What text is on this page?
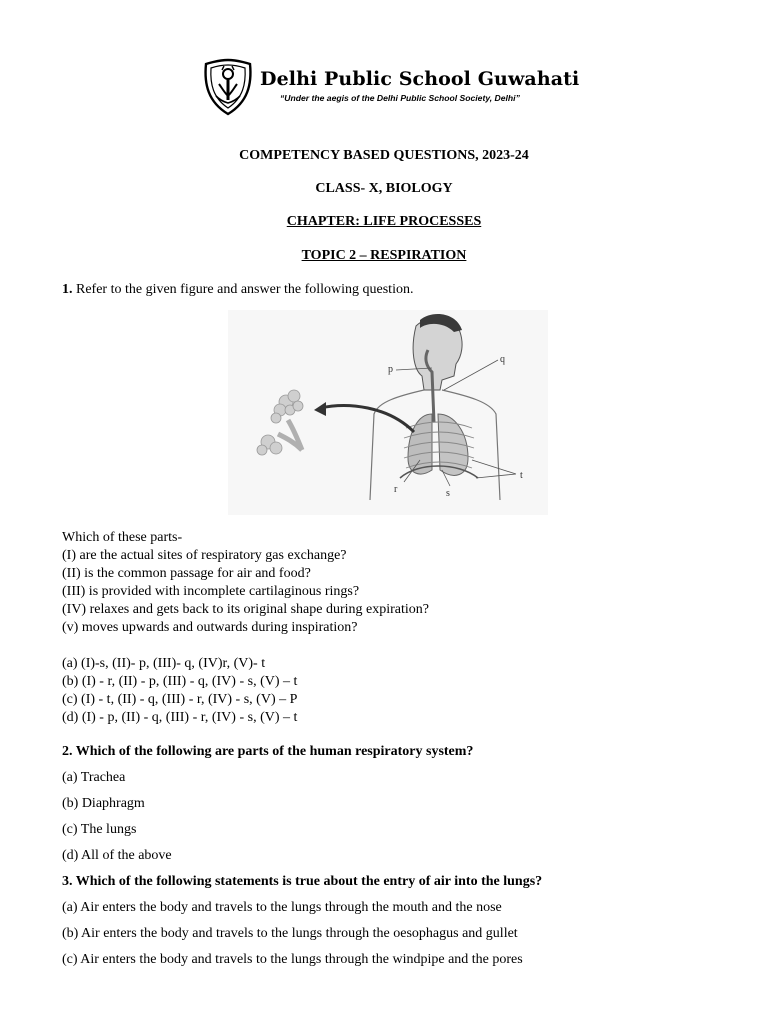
Delhi Public School Guwahati
“Under the aegis of the Delhi Public School Society, Delhi”
COMPETENCY BASED QUESTIONS, 2023-24
CLASS- X, BIOLOGY
CHAPTER: LIFE PROCESSES
TOPIC 2 – RESPIRATION
1. Refer to the given figure and answer the following question.
p
q
r	s
t
Which of these parts-
(I) are the actual sites of respiratory gas exchange?
(II) is the common passage for air and food?
(III) is provided with incomplete cartilaginous rings?
(IV) relaxes and gets back to its original shape during expiration?
(v) moves upwards and outwards during inspiration?
(a) (I)-s, (II)- p, (III)- q, (IV)r, (V)- t
(b) (I) - r, (II) - p, (III) - q, (IV) - s, (V) – t
(c) (I) - t, (II) - q, (III) - r, (IV) - s, (V) – P
(d) (I) - p, (II) - q, (III) - r, (IV) - s, (V) – t
2. Which of the following are parts of the human respiratory system?
(a) Trachea
(b) Diaphragm
(c) The lungs
(d) All of the above
3. Which of the following statements is true about the entry of air into the lungs?
(a) Air enters the body and travels to the lungs through the mouth and the nose
(b) Air enters the body and travels to the lungs through the oesophagus and gullet
(c) Air enters the body and travels to the lungs through the windpipe and the pores
